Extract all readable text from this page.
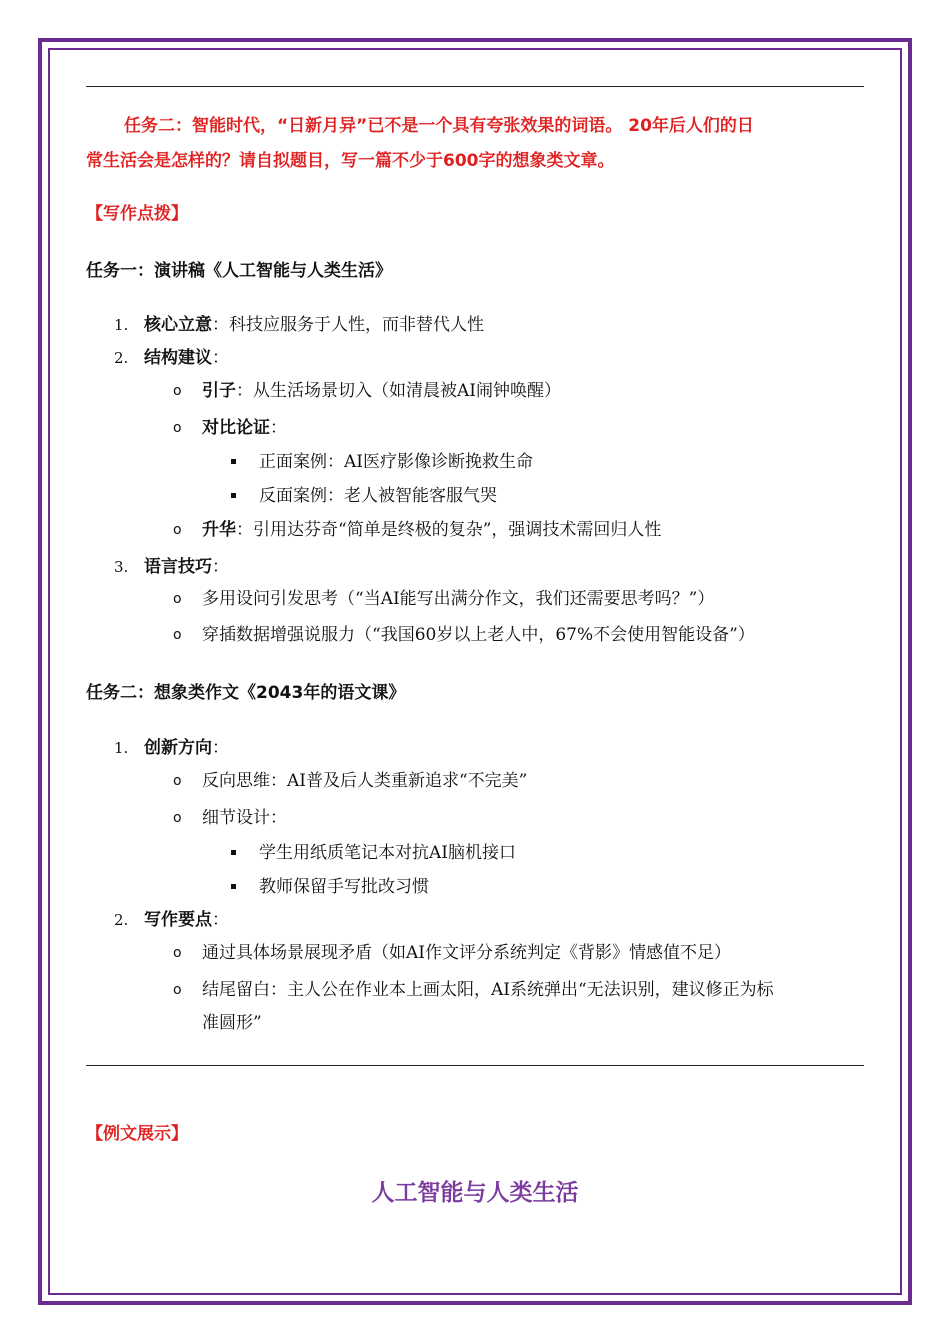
任务二：智能时代，“日新月异”已不是一个具有夸张效果的词语。 20年后人们的日
常生活会是怎样的？请自拟题目，写一篇不少于600字的想象类文章。
【写作点拨】
任务一：演讲稿《人工智能与人类生活》
1. 核心立意：科技应服务于人性，而非替代人性
2. 结构建议：
o 引子：从生活场景切入（如清晨被AI闹钟唤醒）
o 对比论证：
正面案例：AI医疗影像诊断挽救生命
反面案例：老人被智能客服气哭
o 升华：引用达芬奇“简单是终极的复杂”，强调技术需回归人性
3. 语言技巧：
o 多用设问引发思考（“当AI能写出满分作文，我们还需要思考吗？”）
o 穿插数据增强说服力（“我国60岁以上老人中，67%不会使用智能设备”）
任务二：想象类作文《2043年的语文课》
1. 创新方向：
o 反向思维：AI普及后人类重新追求“不完美”
o 细节设计：
学生用纸质笔记本对抗AI脑机接口
教师保留手写批改习惯
2. 写作要点：
o 通过具体场景展现矛盾（如AI作文评分系统判定《背影》情感值不足）
o 结尾留白：主人公在作业本上画太阳，AI系统弹出“无法识别，建议修正为标
准圆形”
【例文展示】
人工智能与人类生活
